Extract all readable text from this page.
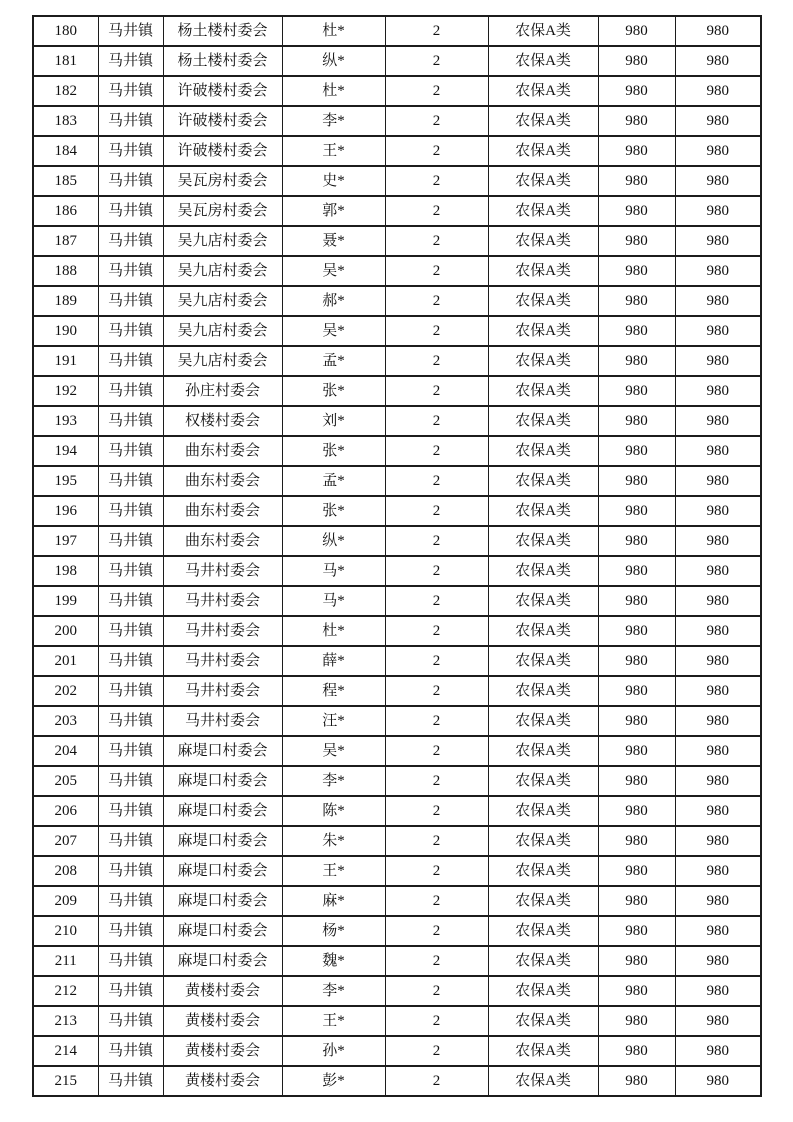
180	马井镇	杨土楼村委会	杜*	2	农保A类	980	980
181	马井镇	杨土楼村委会	纵*	2	农保A类	980	980
182	马井镇	许破楼村委会	杜*	2	农保A类	980	980
183	马井镇	许破楼村委会	李*	2	农保A类	980	980
184	马井镇	许破楼村委会	王*	2	农保A类	980	980
185	马井镇	吴瓦房村委会	史*	2	农保A类	980	980
186	马井镇	吴瓦房村委会	郭*	2	农保A类	980	980
187	马井镇	吴九店村委会	聂*	2	农保A类	980	980
188	马井镇	吴九店村委会	吴*	2	农保A类	980	980
189	马井镇	吴九店村委会	郝*	2	农保A类	980	980
190	马井镇	吴九店村委会	吴*	2	农保A类	980	980
191	马井镇	吴九店村委会	孟*	2	农保A类	980	980
192	马井镇	孙庄村委会	张*	2	农保A类	980	980
193	马井镇	权楼村委会	刘*	2	农保A类	980	980
194	马井镇	曲东村委会	张*	2	农保A类	980	980
195	马井镇	曲东村委会	孟*	2	农保A类	980	980
196	马井镇	曲东村委会	张*	2	农保A类	980	980
197	马井镇	曲东村委会	纵*	2	农保A类	980	980
198	马井镇	马井村委会	马*	2	农保A类	980	980
199	马井镇	马井村委会	马*	2	农保A类	980	980
200	马井镇	马井村委会	杜*	2	农保A类	980	980
201	马井镇	马井村委会	薛*	2	农保A类	980	980
202	马井镇	马井村委会	程*	2	农保A类	980	980
203	马井镇	马井村委会	汪*	2	农保A类	980	980
204	马井镇	麻堤口村委会	吴*	2	农保A类	980	980
205	马井镇	麻堤口村委会	李*	2	农保A类	980	980
206	马井镇	麻堤口村委会	陈*	2	农保A类	980	980
207	马井镇	麻堤口村委会	朱*	2	农保A类	980	980
208	马井镇	麻堤口村委会	王*	2	农保A类	980	980
209	马井镇	麻堤口村委会	麻*	2	农保A类	980	980
210	马井镇	麻堤口村委会	杨*	2	农保A类	980	980
211	马井镇	麻堤口村委会	魏*	2	农保A类	980	980
212	马井镇	黄楼村委会	李*	2	农保A类	980	980
213	马井镇	黄楼村委会	王*	2	农保A类	980	980
214	马井镇	黄楼村委会	孙*	2	农保A类	980	980
215	马井镇	黄楼村委会	彭*	2	农保A类	980	980
